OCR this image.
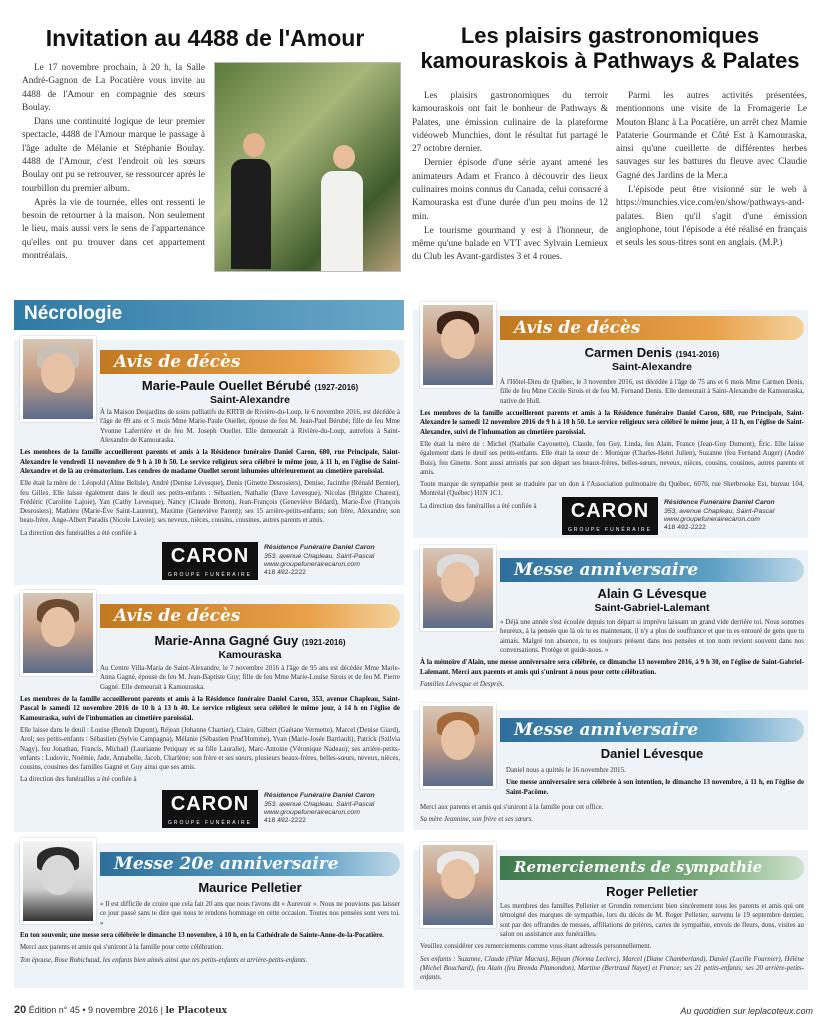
Invitation au 4488 de l'Amour

Le 17 novembre prochain, à 20 h, la Salle André-Gagnon de La Pocatière vous invite au 4488 de l'Amour en compagnie des sœurs Boulay.

Dans une continuité logique de leur premier spectacle, 4488 de l'Amour marque le passage à l'âge adulte de Mélanie et Stéphanie Boulay. 4488 de l'Amour, c'est l'endroit où les sœurs Boulay ont pu se retrouver, se ressourcer après le tourbillon du premier album.

Après la vie de tournée, elles ont ressenti le besoin de retourner à la maison. Non seulement le lieu, mais aussi vers le sens de l'appartenance qu'elles ont pu trouver dans cet appartement montréalais.

Les plaisirs gastronomiques
kamouraskois à Pathways & Palates

Les plaisirs gastronomiques du terroir kamouraskois ont fait le bonheur de Pathways & Palates, une émission culinaire de la plateforme vidéoweb Munchies, dont le résultat fut partagé le 27 octobre dernier.

Dernier épisode d'une série ayant amené les animateurs Adam et Franco à découvrir des lieux culinaires moins connus du Canada, celui consacré à Kamouraska est d'une durée d'un peu moins de 12 min.

Le tourisme gourmand y est à l'honneur, de même qu'une balade en VTT avec Sylvain Lemieux du Club les Avant-gardistes 3 et 4 roues.

Parmi les autres activités présentées, mentionnons une visite de la Fromagerie Le Mouton Blanc à La Pocatière, un arrêt chez Mamie Pataterie Gourmande et Côté Est à Kamouraska, ainsi qu'une cueillette de différentes herbes sauvages sur les battures du fleuve avec Claudie Gagné des Jardins de la Mer.a

L'épisode peut être visionné sur le web à https://munchies.vice.com/en/show/pathways-and-palates. Bien qu'il s'agit d'une émission anglophone, tout l'épisode a été réalisé en français et seuls les sous-titres sont en anglais. (M.P.)

Nécrologie
Avis de décès
Marie-Paule Ouellet Bérubé (1927-2016)
Saint-Alexandre
À la Maison Desjardins de soins palliatifs du KRTB de Rivière-du-Loup, le 6 novembre 2016, est décédée à l'âge de 89 ans et 5 mois Mme Marie-Paule Ouellet, épouse de feu M. Jean-Paul Bérubé; fille de feu Mme Yvonne Laferrière et de feu M. Joseph Ouellet. Elle demeurait à Rivière-du-Loup, autrefois à Saint-Alexandre de Kamouraska.
Les membres de la famille accueilleront parents et amis à la Résidence funéraire Daniel Caron, 680, rue Principale, Saint-Alexandre le vendredi 11 novembre de 9 h à 10 h 50. Le service religieux sera célébré le même jour, à 11 h, en l'église de Saint-Alexandre et de là au crématorium. Les cendres de madame Ouellet seront inhumées ultérieurement au cimetière paroissial.
Elle était la mère de : Léopold (Aline Belisle), André (Denise Lévesque), Denis (Ginette Desrosiers), Denise, Jacinthe (Rénald Bernier), feu Gilles. Elle laisse également dans le deuil ses petits-enfants : Sébastien, Nathalie (Dave Levesque), Nicolas (Brigitte Charest), Frédéric (Caroline Lajoie), Yan (Cathy Levesque), Nancy (Claude Breton), Jean-François (Geneviève Bédard), Marie-Ève (François Desrosiers), Mathieu (Marie-Ève Saint-Laurent), Maxime (Geneviève Parent); ses 15 arrière-petits-enfants; son frère, Alexandre; son beau-frère, Ange-Albert Paradis (Nicole Lavoie); ses neveux, nièces, cousins, cousines, autres parents et amis.
La direction des funérailles a été confiée à
GROUPE FUNÉRAIRE
CARON	Résidence Funéraire Daniel Caron
353, avenue Chapleau, Saint-Pascal
www.groupefunerairecaron.com
418 492-2222
Avis de décès
Marie-Anna Gagné Guy (1921-2016)
Kamouraska
Au Centre Villa-Maria de Saint-Alexandre, le 7 novembre 2016 à l'âge de 95 ans est décédée Mme Marie-Anna Gagné, épouse de feu M. Jean-Baptiste Guy; fille de feu Mme Marie-Louise Sirois et de feu M. Pierre Gagné. Elle demeurait à Kamouraska.
Les membres de la famille accueilleront parents et amis à la Résidence funéraire Daniel Caron, 353, avenue Chapleau, Saint-Pascal le samedi 12 novembre 2016 de 10 h à 13 h 40. Le service religieux sera célébré le même jour, à 14 h en l'église de Kamouraska, suivi de l'inhumation au cimetière paroissial.
Elle laisse dans le deuil : Louise (Benoît Dupont), Réjean (Johanne Chartier), Claire, Gilbert (Gaétane Vermette), Marcel (Denise Giard), Arol; ses petits-enfants : Sébastien (Sylvie Campagna), Mélanie (Sébastien Prud'Homme), Yvan (Marie-Josée Barriault), Patrick (Szilvia Nagy), feu Jonathan, Francis, Michaël (Laurianne Petiquay et sa fille Lauralie), Marc-Antoine (Véronique Nadeau); ses arrière-petits-enfants : Ludovic, Noémie, Jade, Annabelle, Jacob, Charlène; son frère et ses sœurs, plusieurs beaux-frères, belles-sœurs, neveux, nièces, cousins, cousines des familles Gagné et Guy ainsi que ses amis.
La direction des funérailles a été confiée à
GROUPE FUNÉRAIRE
CARON	Résidence Funéraire Daniel Caron
353, avenue Chapleau, Saint-Pascal
www.groupefunerairecaron.com
418 492-2222
Messe 20e anniversaire
Maurice Pelletier
« Il est difficile de croire que cela fait 20 ans que nous t'avons dit « Aurevoir ». Nous ne pouvions pas laisser ce jour passé sans te dire que nous te rendons hommage en cette occasion. Toutes nos pensées sont vers toi. »
En ton souvenir, une messe sera célébrée le dimanche 13 novembre, à 10 h, en la Cathédrale de Sainte-Anne-de-la-Pocatière.
Merci aux parents et amis qui s'uniront à la famille pour cette célébration.
Ton épouse, Rose Robichaud, les enfants bien aimés ainsi que tes petits-enfants et arrière-petits-enfants.
Avis de décès
Carmen Denis (1941-2016)
Saint-Alexandre
À l'Hôtel-Dieu de Québec, le 3 novembre 2016, est décédée à l'âge de 75 ans et 6 mois Mme Carmen Denis, fille de feu Mme Cécile Sirois et de feu M. Fernand Denis. Elle demeurait à Saint-Alexandre de Kamouraska, native de Hull.
Les membres de la famille accueilleront parents et amis à la Résidence funéraire Daniel Caron, 680, rue Principale, Saint-Alexandre le samedi 12 novembre 2016 de 9 h à 10 h 50. Le service religieux sera célébré le même jour, à 11 h, en l'église de Saint-Alexandre, suivi de l'inhumation au cimetière paroissial.
Elle était la mère de : Michel (Nathalie Cayouette), Claude, feu Guy, Linda, feu Alain, France (Jean-Guy Dumont), Éric. Elle laisse également dans le deuil ses petits-enfants. Elle était la sœur de : Monique (Charles-Henri Julien), Suzanne (feu Fernand Auger) (André Bois), feu Ginette. Sont aussi attristés par son départ ses beaux-frères, belles-sœurs, neveux, nièces, cousins, cousines, autres parents et amis.
Toute marque de sympathie peut se traduire par un don à l'Association pulmonaire du Québec, 6070, rue Sherbrooke Est, bureau 104, Montréal (Québec) H1N 1C1.
La direction des funérailles a été confiée à
GROUPE FUNÉRAIRE
CARON	Résidence Funéraire Daniel Caron
353, avenue Chapleau, Saint-Pascal
www.groupefunerairecaron.com
418 492-2222
Messe anniversaire
Alain G Lévesque
Saint-Gabriel-Lalemant
« Déjà une année s'est écoulée depuis ton départ si imprévu laissant un grand vide derrière toi. Nous sommes heureux, à la pensée que là où tu es maintenant, il n'y a plus de souffrance et que tu es entouré de gens que tu aimais. Malgré ton absence, tu es toujours présent dans nos pensées et ton nom revient souvent dans nos conversations. Protège et guide-nous. »
À la mémoire d'Alain, une messe anniversaire sera célébrée, ce dimanche 13 novembre 2016, à 9 h 30, en l'église de Saint-Gabriel-Lalemant. Merci aux parents et amis qui s'uniront à nous pour cette célébration.
Familles Lévesque et Després.
Messe anniversaire
Daniel Lévesque
Daniel nous a quittés le 16 novembre 2015.
Une messe anniversaire sera célébrée à son intention, le dimanche 13 novembre, à 11 h, en l'église de Saint-Pacôme.
Merci aux parents et amis qui s'uniront à la famille pour cet office.
Sa mère Jeannine, son frère et ses sœurs.
Remerciements de sympathie
Roger Pelletier
Les membres des familles Pelletier et Grondin remercient bien sincèrement tous les parents et amis qui ont témoigné des marques de sympathie, lors du décès de M. Roger Pelletier, survenu le 19 septembre dernier, soit par des offrandes de messes, affiliations de prières, cartes de sympathie, envois de fleurs, dons, visites au salon ou assistance aux funérailles.
Veuillez considérer ces remerciements comme vous étant adressés personnellement.
Ses enfants : Suzanne, Claude (Pilar Macias), Réjean (Norma Leclerc), Marcel (Diane Chamberland), Daniel (Lucille Fournier), Hélène (Michel Bouchard), feu Alain (feu Brenda Plamondon), Martine (Bertrand Nayet) et France; ses 21 petits-enfants; ses 20 arrière-petits-enfants.
20 Édition n° 45 • 9 novembre 2016 | le Placoteux	Au quotidien sur leplacoteux.com
